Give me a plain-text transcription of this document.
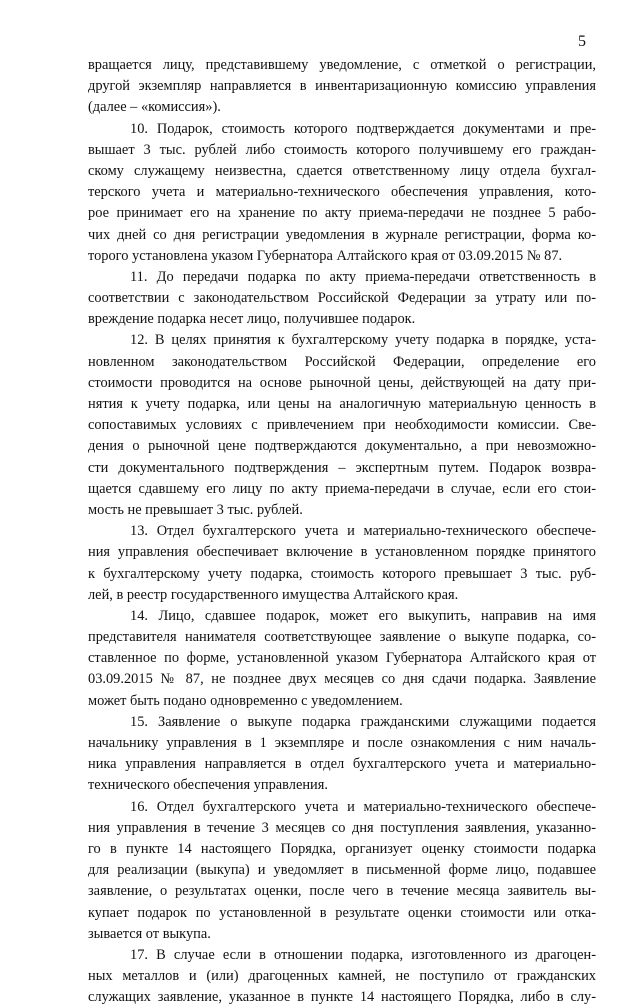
5
вращается лицу, представившему уведомление, с отметкой о регистрации,
другой экземпляр направляется в инвентаризационную комиссию управления
(далее – «комиссия»).
10. Подарок, стоимость которого подтверждается документами и пре-
вышает 3 тыс. рублей либо стоимость которого получившему его граждан-
скому служащему неизвестна, сдается ответственному лицу отдела бухгал-
терского учета и материально-технического обеспечения управления, кото-
рое принимает его на хранение по акту приема-передачи не позднее 5 рабо-
чих дней со дня регистрации уведомления в журнале регистрации, форма ко-
торого установлена указом Губернатора Алтайского края от 03.09.2015 № 87.
11. До передачи подарка по акту приема-передачи ответственность в
соответствии с законодательством Российской Федерации за утрату или по-
вреждение подарка несет лицо, получившее подарок.
12. В целях принятия к бухгалтерскому учету подарка в порядке, уста-
новленном законодательством Российской Федерации, определение его
стоимости проводится на основе рыночной цены, действующей на дату при-
нятия к учету подарка, или цены на аналогичную материальную ценность в
сопоставимых условиях с привлечением при необходимости комиссии. Све-
дения о рыночной цене подтверждаются документально, а при невозможно-
сти документального подтверждения – экспертным путем. Подарок возвра-
щается сдавшему его лицу по акту приема-передачи в случае, если его стои-
мость не превышает 3 тыс. рублей.
13. Отдел бухгалтерского учета и материально-технического обеспече-
ния управления обеспечивает включение в установленном порядке принятого
к бухгалтерскому учету подарка, стоимость которого превышает 3 тыс. руб-
лей, в реестр государственного имущества Алтайского края.
14. Лицо, сдавшее подарок, может его выкупить, направив на имя
представителя нанимателя соответствующее заявление о выкупе подарка, со-
ставленное по форме, установленной указом Губернатора Алтайского края от
03.09.2015 № 87, не позднее двух месяцев со дня сдачи подарка. Заявление
может быть подано одновременно с уведомлением.
15. Заявление о выкупе подарка гражданскими служащими подается
начальнику управления в 1 экземпляре и после ознакомления с ним началь-
ника управления направляется в отдел бухгалтерского учета и материально-
технического обеспечения управления.
16. Отдел бухгалтерского учета и материально-технического обеспече-
ния управления в течение 3 месяцев со дня поступления заявления, указанно-
го в пункте 14 настоящего Порядка, организует оценку стоимости подарка
для реализации (выкупа) и уведомляет в письменной форме лицо, подавшее
заявление, о результатах оценки, после чего в течение месяца заявитель вы-
купает подарок по установленной в результате оценки стоимости или отка-
зывается от выкупа.
17. В случае если в отношении подарка, изготовленного из драгоцен-
ных металлов и (или) драгоценных камней, не поступило от гражданских
служащих заявление, указанное в пункте 14 настоящего Порядка, либо в слу-
